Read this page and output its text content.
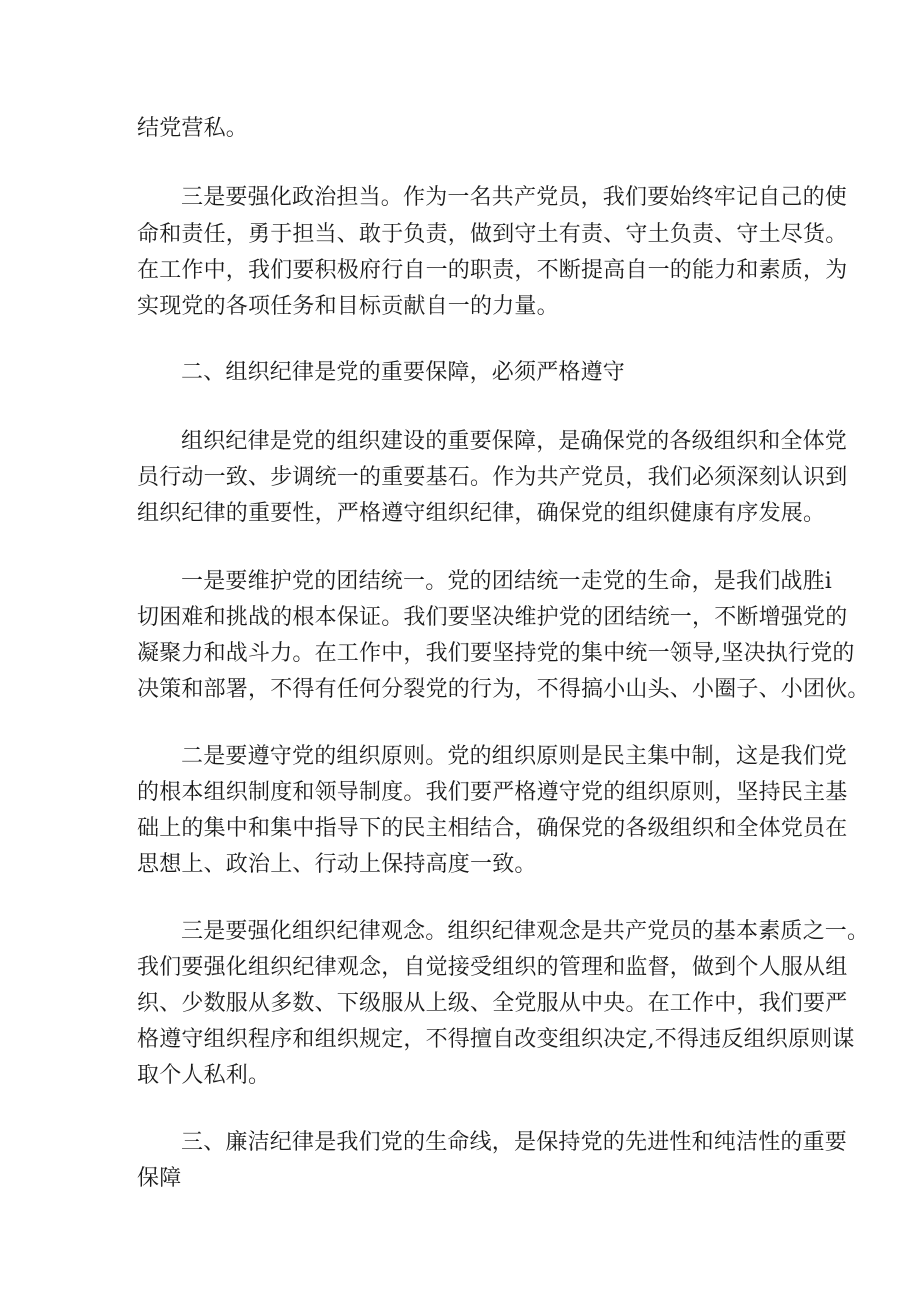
结党营私。
三是要强化政治担当。作为一名共产党员，我们要始终牢记自己的使
命和责任，勇于担当、敢于负责，做到守土有责、守土负责、守土尽货。
在工作中，我们要积极府行自一的职责，不断提高自一的能力和素质，为
实现党的各项任务和目标贡献自一的力量。
二、组织纪律是党的重要保障，必须严格遵守
组织纪律是党的组织建设的重要保障，是确保党的各级组织和全体党
员行动一致、步调统一的重要基石。作为共产党员，我们必须深刻认识到
组织纪律的重要性，严格遵守组织纪律，确保党的组织健康有序发展。
一是要维护党的团结统一。党的团结统一走党的生命，是我们战胜i
切困难和挑战的根本保证。我们要坚决维护党的团结统一，不断增强党的
凝聚力和战斗力。在工作中，我们要坚持党的集中统一领导,坚决执行党的
决策和部署，不得有任何分裂党的行为，不得搞小山头、小圈子、小团伙。
二是要遵守党的组织原则。党的组织原则是民主集中制，这是我们党
的根本组织制度和领导制度。我们要严格遵守党的组织原则，坚持民主基
础上的集中和集中指导下的民主相结合，确保党的各级组织和全体党员在
思想上、政治上、行动上保持高度一致。
三是要强化组织纪律观念。组织纪律观念是共产党员的基本素质之一。
我们要强化组织纪律观念，自觉接受组织的管理和监督，做到个人服从组
织、少数服从多数、下级服从上级、全党服从中央。在工作中，我们要严
格遵守组织程序和组织规定，不得擅自改变组织决定,不得违反组织原则谋
取个人私利。
三、廉洁纪律是我们党的生命线，是保持党的先进性和纯洁性的重要
保障
